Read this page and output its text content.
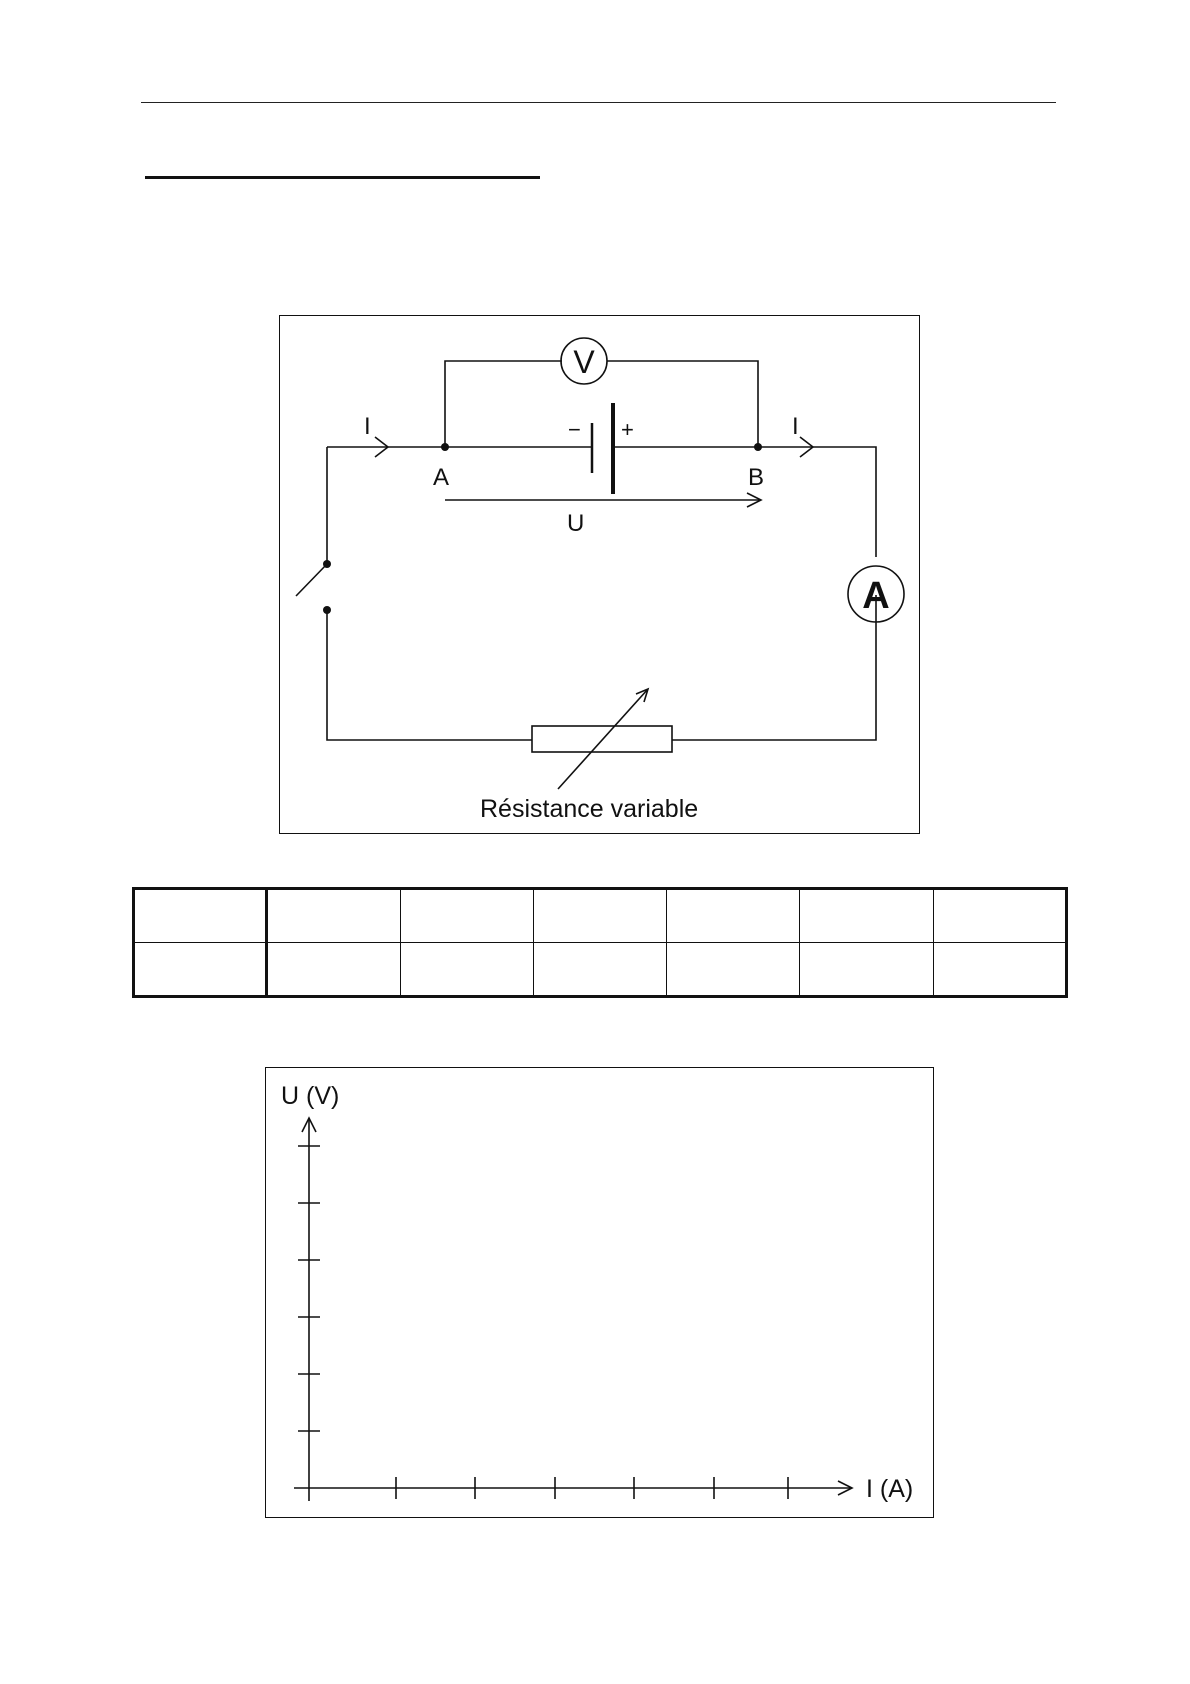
I	I
A	B
U
− +
V
A
Résistance variable

U (V)
I (A)
